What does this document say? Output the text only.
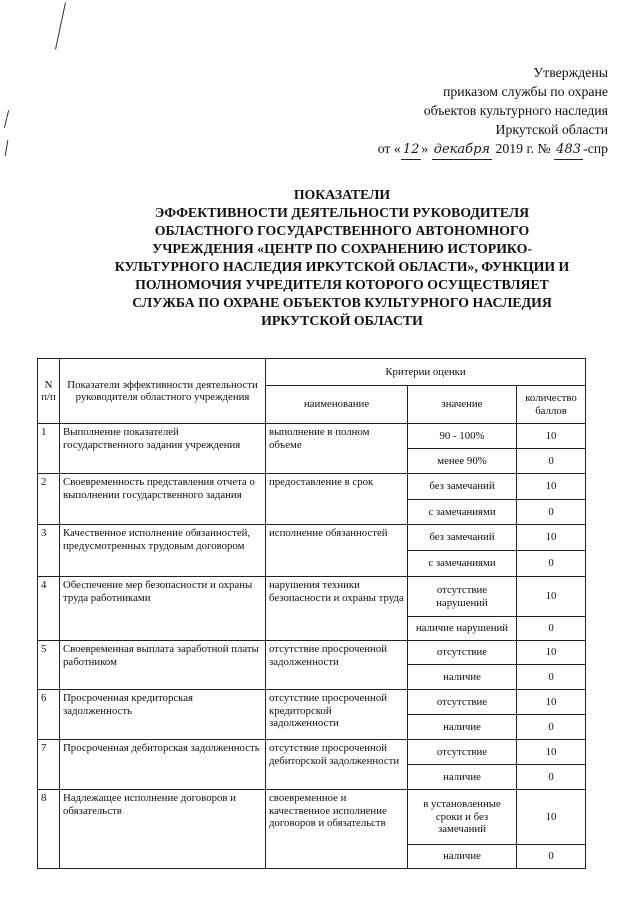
Утверждены
приказом службы по охране
объектов культурного наследия
Иркутской области
от « 12 » декабря 2019 г. № 483 -спр
ПОКАЗАТЕЛИ
ЭФФЕКТИВНОСТИ ДЕЯТЕЛЬНОСТИ РУКОВОДИТЕЛЯ
ОБЛАСТНОГО ГОСУДАРСТВЕННОГО АВТОНОМНОГО
УЧРЕЖДЕНИЯ «ЦЕНТР ПО СОХРАНЕНИЮ ИСТОРИКО-
КУЛЬТУРНОГО НАСЛЕДИЯ ИРКУТСКОЙ ОБЛАСТИ», ФУНКЦИИ И
ПОЛНОМОЧИЯ УЧРЕДИТЕЛЯ КОТОРОГО ОСУЩЕСТВЛЯЕТ
СЛУЖБА ПО ОХРАНЕ ОБЪЕКТОВ КУЛЬТУРНОГО НАСЛЕДИЯ
ИРКУТСКОЙ ОБЛАСТИ
N п/п	Показатели эффективности деятельности руководителя областного учреждения	Критерии оценки		
		наименование	значение	количество баллов
1	Выполнение показателей государственного задания учреждения	выполнение в полном объеме	90 - 100%	10
			менее 90%	0
2	Своевременность представления отчета о выполнении государственного задания	предоставление в срок	без замечаний	10
			с замечаниями	0
3	Качественное исполнение обязанностей, предусмотренных трудовым договором	исполнение обязанностей	без замечаний	10
			с замечаниями	0
4	Обеспечение мер безопасности и охраны труда работниками	нарушения техники безопасности и охраны труда	отсутствие нарушений	10
			наличие нарушений	0
5	Своевременная выплата заработной платы работником	отсутствие просроченной задолженности	отсутствие	10
			наличие	0
6	Просроченная кредиторская задолженность	отсутствие просроченной кредиторской задолженности	отсутствие	10
			наличие	0
7	Просроченная дебиторская задолженность	отсутствие просроченной дебиторской задолженности	отсутствие	10
			наличие	0
8	Надлежащее исполнение договоров и обязательств	своевременное и качественное исполнение договоров и обязательств	в установленные сроки и без замечаний	10
			наличие	0
